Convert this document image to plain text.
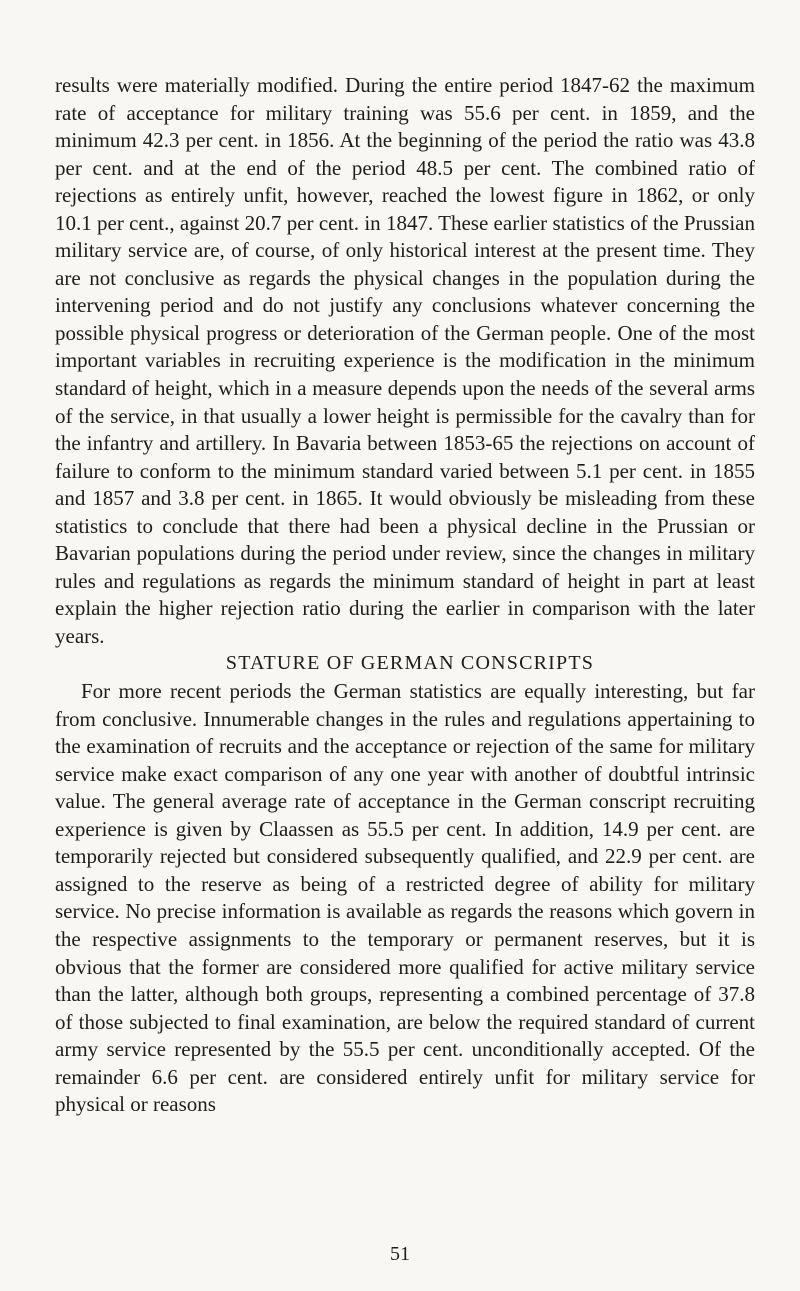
results were materially modified. During the entire period 1847-62 the maximum rate of acceptance for military training was 55.6 per cent. in 1859, and the minimum 42.3 per cent. in 1856. At the beginning of the period the ratio was 43.8 per cent. and at the end of the period 48.5 per cent. The combined ratio of rejections as entirely unfit, however, reached the lowest figure in 1862, or only 10.1 per cent., against 20.7 per cent. in 1847. These earlier statistics of the Prussian military service are, of course, of only historical interest at the present time. They are not conclusive as regards the physical changes in the population during the intervening period and do not justify any conclusions whatever concerning the possible physical progress or deterioration of the German people. One of the most important variables in recruiting experience is the modification in the minimum standard of height, which in a measure depends upon the needs of the several arms of the service, in that usually a lower height is permissible for the cavalry than for the infantry and artillery. In Bavaria between 1853-65 the rejections on account of failure to conform to the minimum standard varied between 5.1 per cent. in 1855 and 1857 and 3.8 per cent. in 1865. It would obviously be misleading from these statistics to conclude that there had been a physical decline in the Prussian or Bavarian populations during the period under review, since the changes in military rules and regulations as regards the minimum standard of height in part at least explain the higher rejection ratio during the earlier in comparison with the later years.

STATURE OF GERMAN CONSCRIPTS

For more recent periods the German statistics are equally interesting, but far from conclusive. Innumerable changes in the rules and regulations appertaining to the examination of recruits and the acceptance or rejection of the same for military service make exact comparison of any one year with another of doubtful intrinsic value. The general average rate of acceptance in the German conscript recruiting experience is given by Claassen as 55.5 per cent. In addition, 14.9 per cent. are temporarily rejected but considered subsequently qualified, and 22.9 per cent. are assigned to the reserve as being of a restricted degree of ability for military service. No precise information is available as regards the reasons which govern in the respective assignments to the temporary or permanent reserves, but it is obvious that the former are considered more qualified for active military service than the latter, although both groups, representing a combined percentage of 37.8 of those subjected to final examination, are below the required standard of current army service represented by the 55.5 per cent. unconditionally accepted. Of the remainder 6.6 per cent. are considered entirely unfit for military service for physical or reasons

51
